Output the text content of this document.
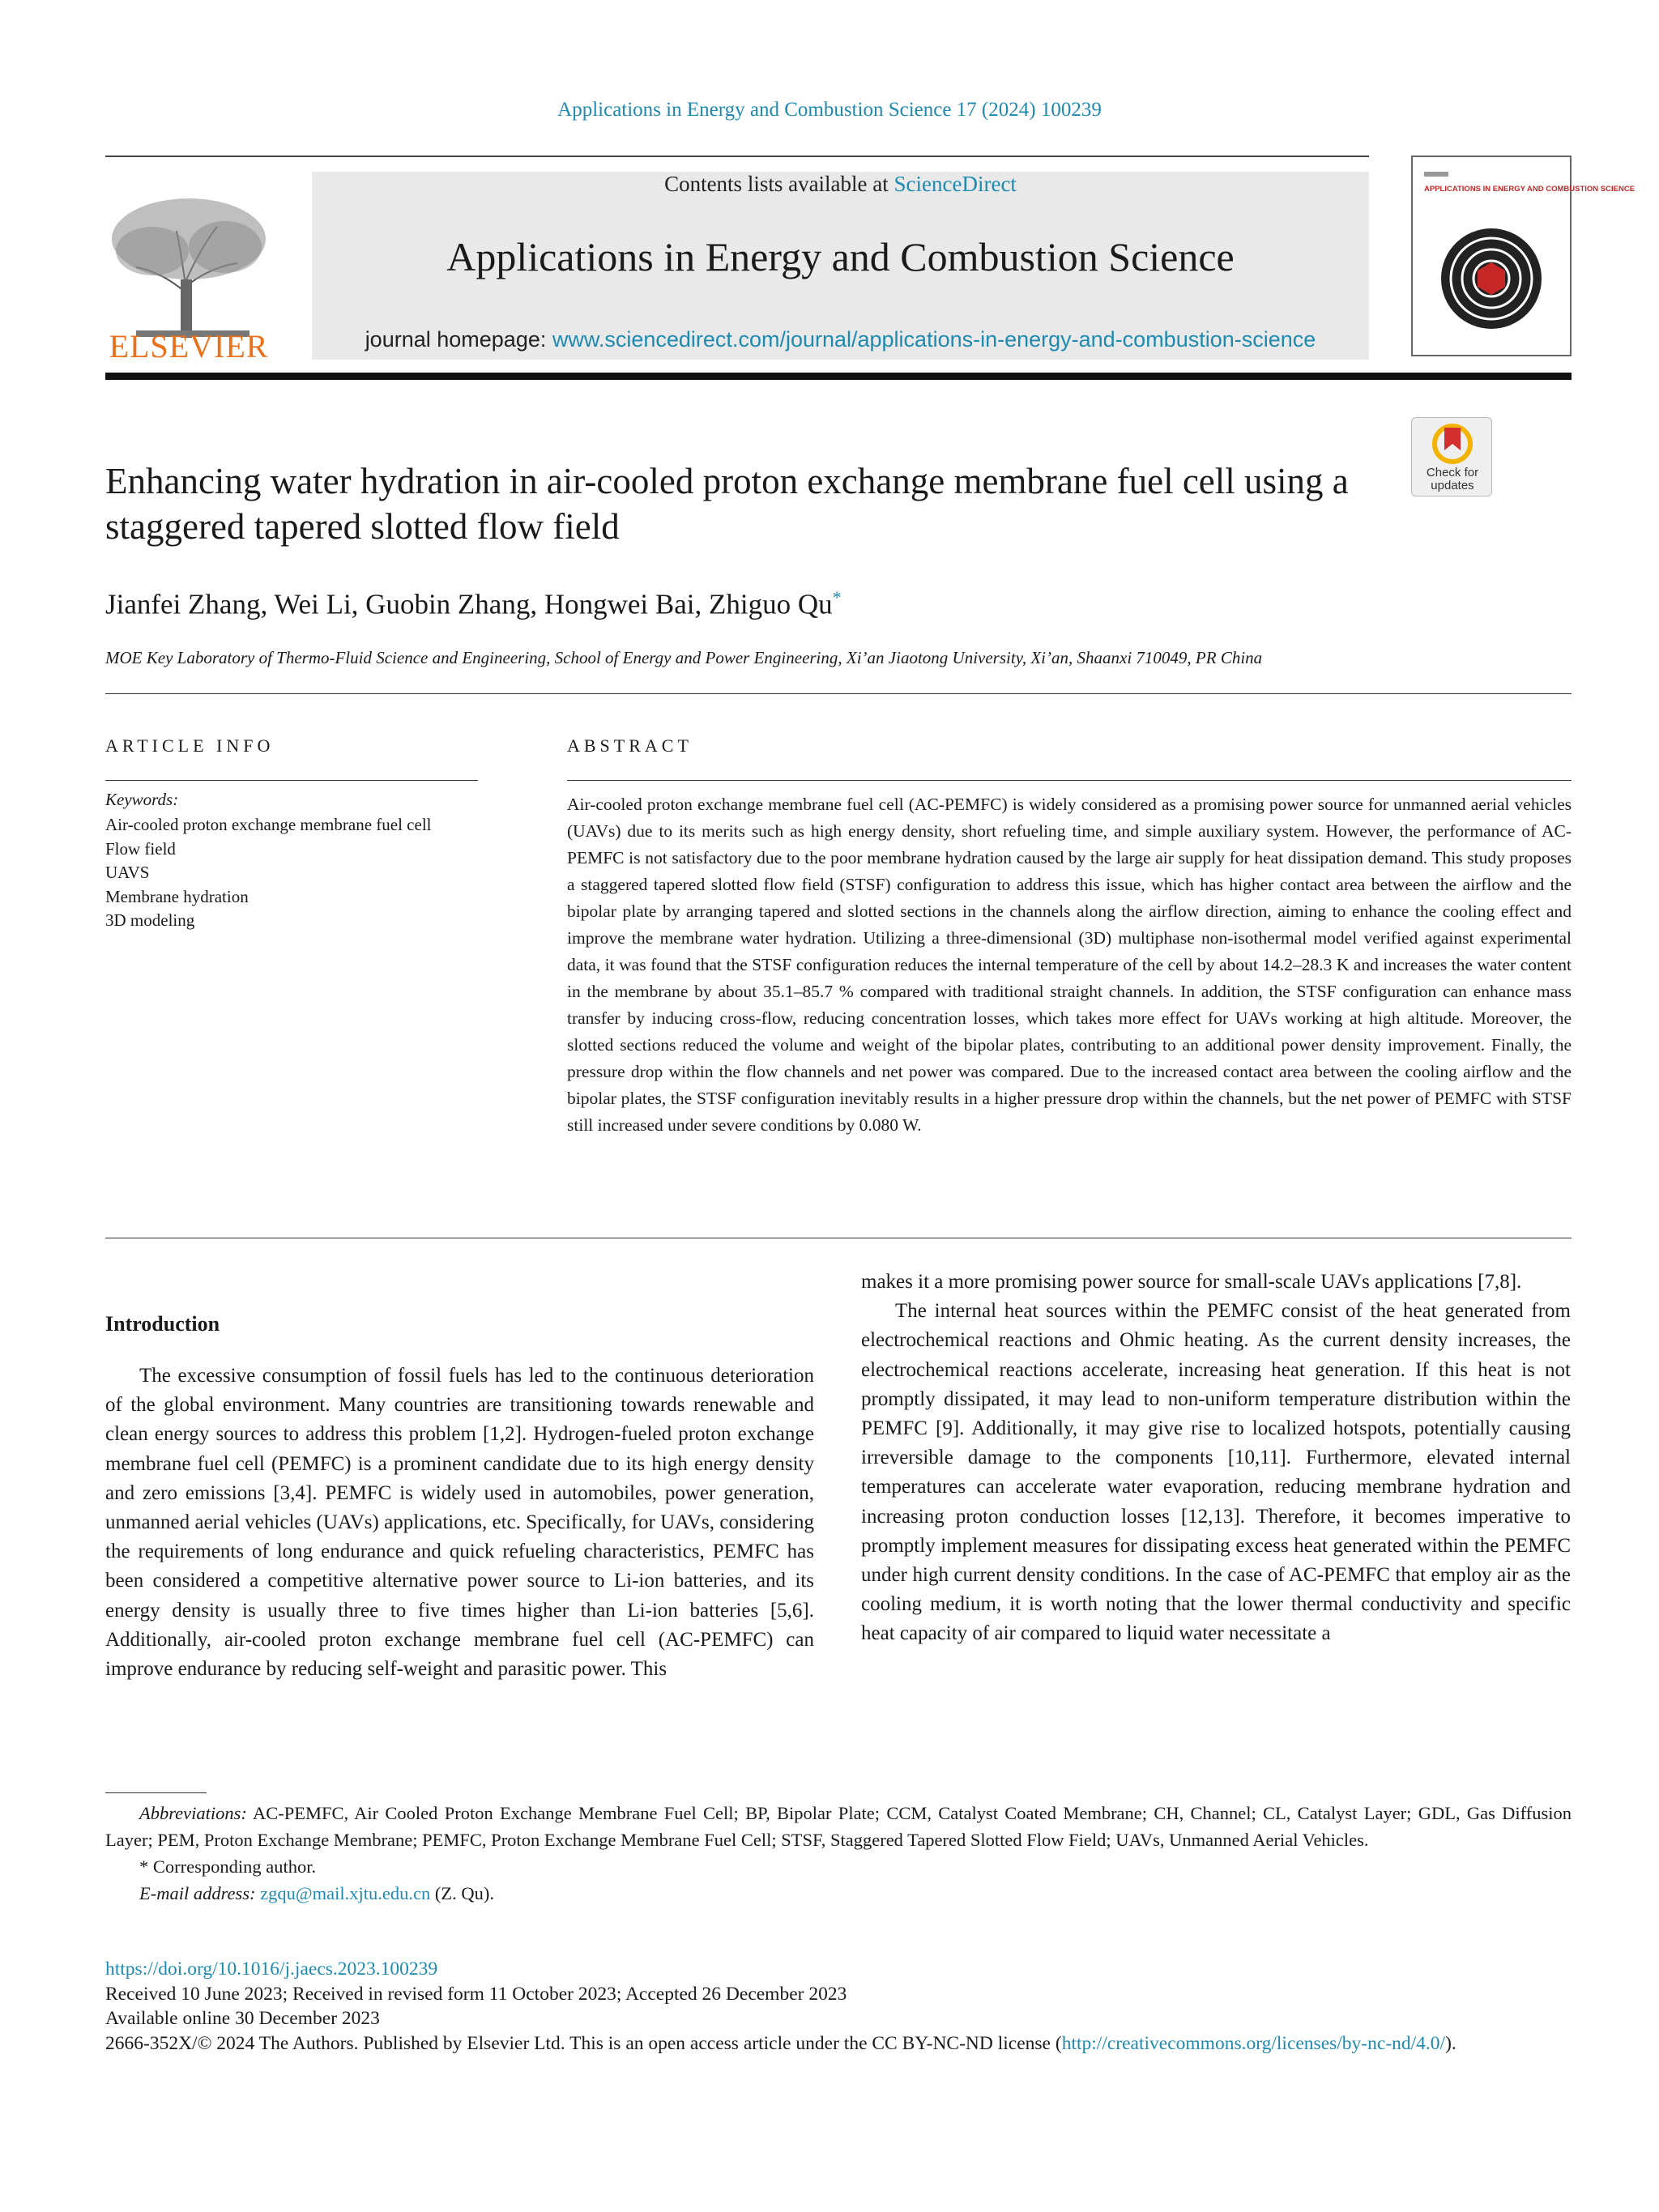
Applications in Energy and Combustion Science 17 (2024) 100239
ELSEVIER
Contents lists available at ScienceDirect
Applications in Energy and Combustion Science
journal homepage: www.sciencedirect.com/journal/applications-in-energy-and-combustion-science
APPLICATIONS IN ENERGY AND COMBUSTION SCIENCE
Check for updates
Enhancing water hydration in air-cooled proton exchange membrane fuel cell using a staggered tapered slotted flow field
Jianfei Zhang, Wei Li, Guobin Zhang, Hongwei Bai, Zhiguo Qu*
MOE Key Laboratory of Thermo-Fluid Science and Engineering, School of Energy and Power Engineering, Xi’an Jiaotong University, Xi’an, Shaanxi 710049, PR China
ARTICLE INFO
Keywords:
Air-cooled proton exchange membrane fuel cell
Flow field
UAVS
Membrane hydration
3D modeling
ABSTRACT

Air-cooled proton exchange membrane fuel cell (AC-PEMFC) is widely considered as a promising power source for unmanned aerial vehicles (UAVs) due to its merits such as high energy density, short refueling time, and simple auxiliary system. However, the performance of AC-PEMFC is not satisfactory due to the poor membrane hydration caused by the large air supply for heat dissipation demand. This study proposes a staggered tapered slotted flow field (STSF) configuration to address this issue, which has higher contact area between the airflow and the bipolar plate by arranging tapered and slotted sections in the channels along the airflow direction, aiming to enhance the cooling effect and improve the membrane water hydration. Utilizing a three-dimensional (3D) multiphase non-isothermal model verified against experimental data, it was found that the STSF configuration reduces the internal temperature of the cell by about 14.2–28.3 K and increases the water content in the membrane by about 35.1–85.7 % compared with traditional straight channels. In addition, the STSF configuration can enhance mass transfer by inducing cross-flow, reducing concentration losses, which takes more effect for UAVs working at high altitude. Moreover, the slotted sections reduced the volume and weight of the bipolar plates, contributing to an additional power density improvement. Finally, the pressure drop within the flow channels and net power was compared. Due to the increased contact area between the cooling airflow and the bipolar plates, the STSF configuration inevitably results in a higher pressure drop within the channels, but the net power of PEMFC with STSF still increased under severe conditions by 0.080 W.

Introduction

The excessive consumption of fossil fuels has led to the continuous deterioration of the global environment. Many countries are transitioning towards renewable and clean energy sources to address this problem [1,2]. Hydrogen-fueled proton exchange membrane fuel cell (PEMFC) is a prominent candidate due to its high energy density and zero emissions [3,4]. PEMFC is widely used in automobiles, power generation, unmanned aerial vehicles (UAVs) applications, etc. Specifically, for UAVs, considering the requirements of long endurance and quick refueling characteristics, PEMFC has been considered a competitive alternative power source to Li-ion batteries, and its energy density is usually three to five times higher than Li-ion batteries [5,6]. Additionally, air-cooled proton exchange membrane fuel cell (AC-PEMFC) can improve endurance by reducing self-weight and parasitic power. This

makes it a more promising power source for small-scale UAVs applications [7,8].

The internal heat sources within the PEMFC consist of the heat generated from electrochemical reactions and Ohmic heating. As the current density increases, the electrochemical reactions accelerate, increasing heat generation. If this heat is not promptly dissipated, it may lead to non-uniform temperature distribution within the PEMFC [9]. Additionally, it may give rise to localized hotspots, potentially causing irreversible damage to the components [10,11]. Furthermore, elevated internal temperatures can accelerate water evaporation, reducing membrane hydration and increasing proton conduction losses [12,13]. Therefore, it becomes imperative to promptly implement measures for dissipating excess heat generated within the PEMFC under high current density conditions. In the case of AC-PEMFC that employ air as the cooling medium, it is worth noting that the lower thermal conductivity and specific heat capacity of air compared to liquid water necessitate a

Abbreviations: AC-PEMFC, Air Cooled Proton Exchange Membrane Fuel Cell; BP, Bipolar Plate; CCM, Catalyst Coated Membrane; CH, Channel; CL, Catalyst Layer; GDL, Gas Diffusion Layer; PEM, Proton Exchange Membrane; PEMFC, Proton Exchange Membrane Fuel Cell; STSF, Staggered Tapered Slotted Flow Field; UAVs, Unmanned Aerial Vehicles.

* Corresponding author.

E-mail address: zgqu@mail.xjtu.edu.cn (Z. Qu).

https://doi.org/10.1016/j.jaecs.2023.100239
Received 10 June 2023; Received in revised form 11 October 2023; Accepted 26 December 2023
Available online 30 December 2023
2666-352X/© 2024 The Authors. Published by Elsevier Ltd. This is an open access article under the CC BY-NC-ND license (http://creativecommons.org/licenses/by-nc-nd/4.0/).
